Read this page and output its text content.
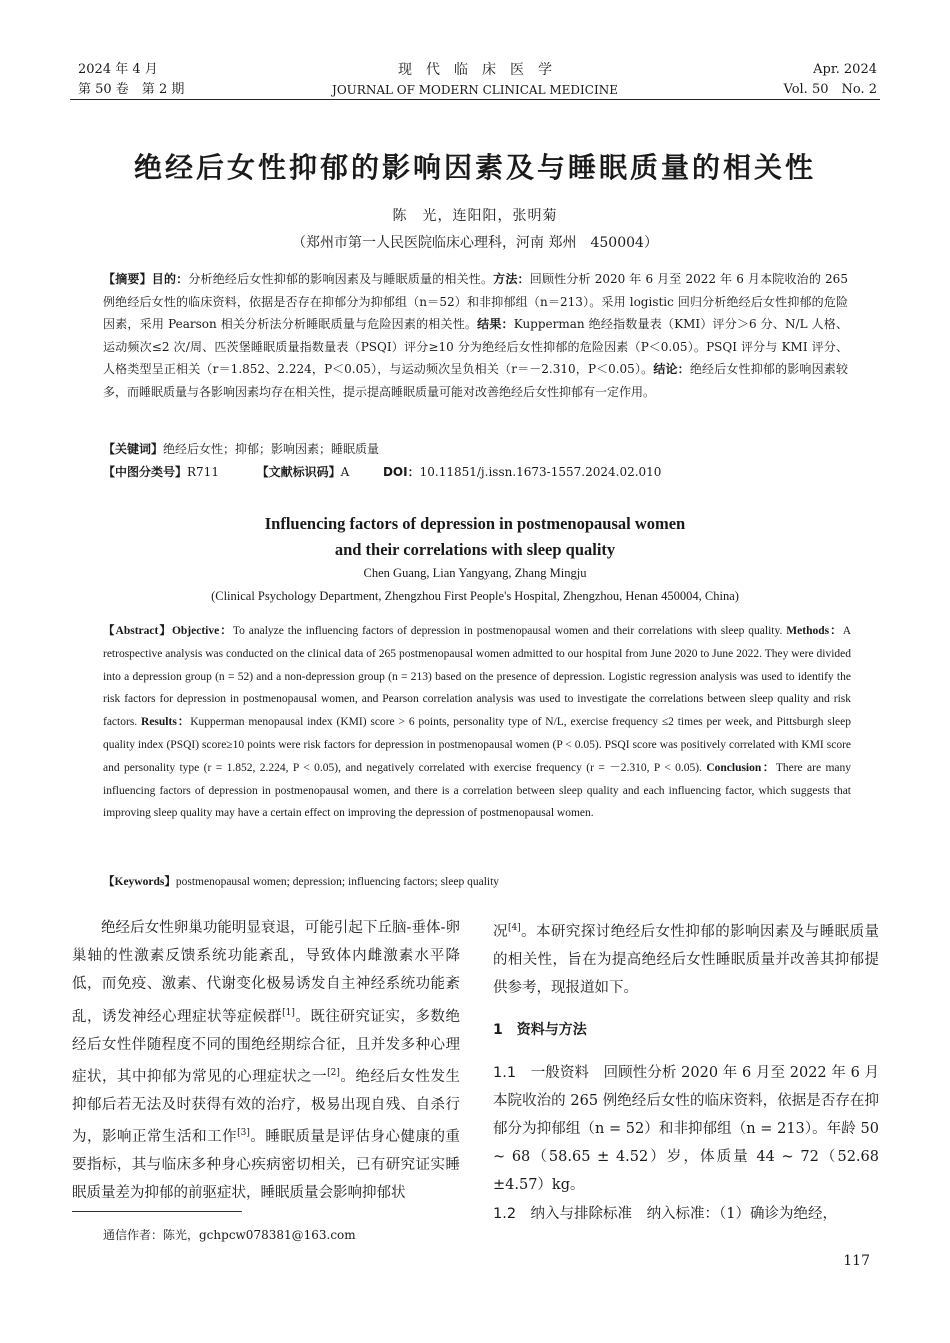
2024 年 4 月
第 50 卷　第 2 期
现　代　临　床　医　学
JOURNAL OF MODERN CLINICAL MEDICINE
Apr. 2024
Vol. 50　No. 2
绝经后女性抑郁的影响因素及与睡眠质量的相关性
陈　光，连阳阳，张明菊
（郑州市第一人民医院临床心理科，河南 郑州　450004）
【摘要】目的：分析绝经后女性抑郁的影响因素及与睡眠质量的相关性。方法：回顾性分析 2020 年 6 月至 2022 年 6 月本院收治的 265 例绝经后女性的临床资料，依据是否存在抑郁分为抑郁组（n＝52）和非抑郁组（n＝213）。采用 logistic 回归分析绝经后女性抑郁的危险因素，采用 Pearson 相关分析法分析睡眠质量与危险因素的相关性。结果：Kupperman 绝经指数量表（KMI）评分＞6 分、N/L 人格、运动频次≤2 次/周、匹茨堡睡眠质量指数量表（PSQI）评分≥10 分为绝经后女性抑郁的危险因素（P＜0.05）。PSQI 评分与 KMI 评分、人格类型呈正相关（r＝1.852、2.224，P＜0.05），与运动频次呈负相关（r＝－2.310，P＜0.05）。结论：绝经后女性抑郁的影响因素较多，而睡眠质量与各影响因素均存在相关性，提示提高睡眠质量可能对改善绝经后女性抑郁有一定作用。
【关键词】绝经后女性；抑郁；影响因素；睡眠质量
【中图分类号】R711	【文献标识码】A	DOI：10.11851/j.issn.1673-1557.2024.02.010
Influencing factors of depression in postmenopausal women
and their correlations with sleep quality
Chen Guang, Lian Yangyang, Zhang Mingju
(Clinical Psychology Department, Zhengzhou First People's Hospital, Zhengzhou, Henan 450004, China)
【Abstract】Objective：To analyze the influencing factors of depression in postmenopausal women and their correlations with sleep quality. Methods：A retrospective analysis was conducted on the clinical data of 265 postmenopausal women admitted to our hospital from June 2020 to June 2022. They were divided into a depression group (n = 52) and a non-depression group (n = 213) based on the presence of depression. Logistic regression analysis was used to identify the risk factors for depression in postmenopausal women, and Pearson correlation analysis was used to investigate the correlations between sleep quality and risk factors. Results：Kupperman menopausal index (KMI) score > 6 points, personality type of N/L, exercise frequency ≤2 times per week, and Pittsburgh sleep quality index (PSQI) score≥10 points were risk factors for depression in postmenopausal women (P < 0.05). PSQI score was positively correlated with KMI score and personality type (r = 1.852, 2.224, P < 0.05), and negatively correlated with exercise frequency (r = －2.310, P < 0.05). Conclusion：There are many influencing factors of depression in postmenopausal women, and there is a correlation between sleep quality and each influencing factor, which suggests that improving sleep quality may have a certain effect on improving the depression of postmenopausal women.
【Keywords】postmenopausal women; depression; influencing factors; sleep quality

绝经后女性卵巢功能明显衰退，可能引起下丘脑-垂体-卵巢轴的性激素反馈系统功能紊乱，导致体内雌激素水平降低，而免疫、激素、代谢变化极易诱发自主神经系统功能紊乱，诱发神经心理症状等症候群[1]。既往研究证实，多数绝经后女性伴随程度不同的围绝经期综合征，且并发多种心理症状，其中抑郁为常见的心理症状之一[2]。绝经后女性发生抑郁后若无法及时获得有效的治疗，极易出现自残、自杀行为，影响正常生活和工作[3]。睡眠质量是评估身心健康的重要指标，其与临床多种身心疾病密切相关，已有研究证实睡眠质量差为抑郁的前驱症状，睡眠质量会影响抑郁状

况[4]。本研究探讨绝经后女性抑郁的影响因素及与睡眠质量的相关性，旨在为提高绝经后女性睡眠质量并改善其抑郁提供参考，现报道如下。
1　资料与方法
1.1　一般资料　 回顾性分析 2020 年 6 月至 2022 年 6 月本院收治的 265 例绝经后女性的临床资料，依据是否存在抑郁分为抑郁组（n = 52）和非抑郁组（n = 213）。年龄 50 ~ 68（58.65 ± 4.52）岁，体质量 44 ~ 72（52.68 ±4.57）kg。
1.2　纳入与排除标准　 纳入标准：（1）确诊为绝经，
通信作者：陈光，gchpcw078381@163.com
117
